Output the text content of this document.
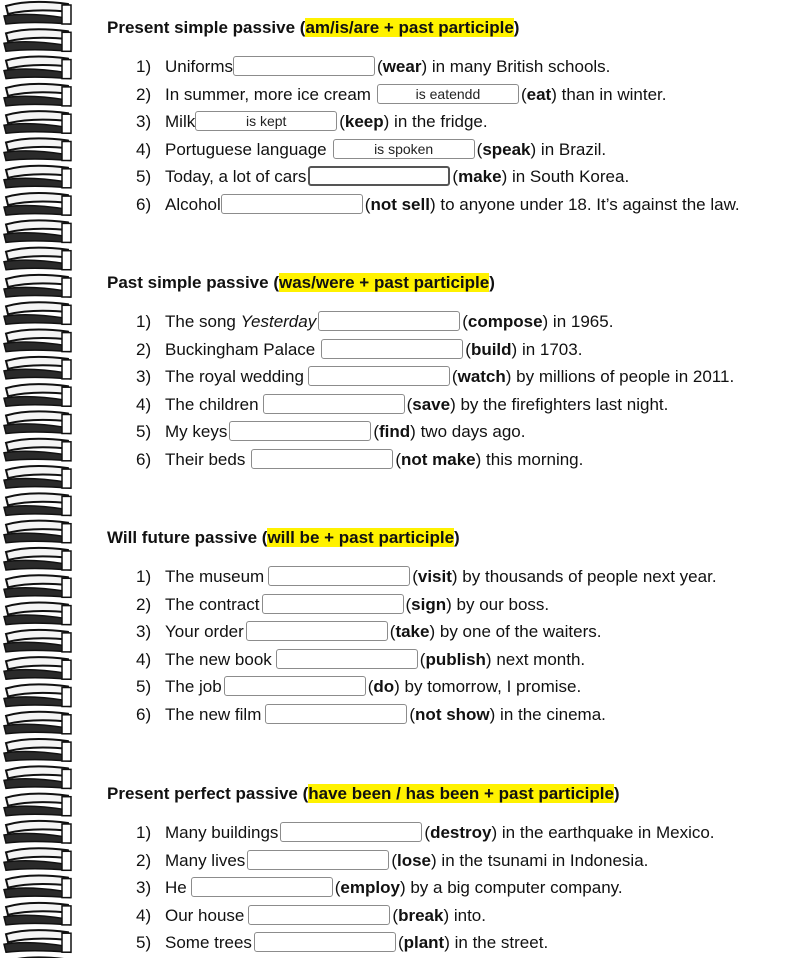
Present simple passive (am/is/are + past participle)
1) Uniforms	(wear) in many British schools.
2) In summer, more ice cream	is eatendd (eat) than in winter.
3) Milk	is kept	(keep) in the fridge.
4) Portuguese language	is spoken	(speak) in Brazil.
5) Today, a lot of cars	(make) in South Korea.
6) Alcohol	(not sell) to anyone under 18. It’s against the law.
Past simple passive (was/were + past participle)
1) The song Yesterday	(compose) in 1965.
2) Buckingham Palace	(build) in 1703.
3) The royal wedding	(watch) by millions of people in 2011.
4) The children	(save) by the firefighters last night.
5) My keys	(find) two days ago.
6) Their beds	(not make) this morning.
Will future passive (will be + past participle)
1) The museum	(visit) by thousands of people next year.
2) The contract	(sign) by our boss.
3) Your order	(take) by one of the waiters.
4) The new book	(publish) next month.
5) The job	(do) by tomorrow, I promise.
6) The new film	(not show) in the cinema.
Present perfect passive (have been / has been + past participle)
1) Many buildings	(destroy) in the earthquake in Mexico.
2) Many lives	(lose) in the tsunami in Indonesia.
3) He	(employ) by a big computer company.
4) Our house	(break) into.
5) Some trees	(plant) in the street.
